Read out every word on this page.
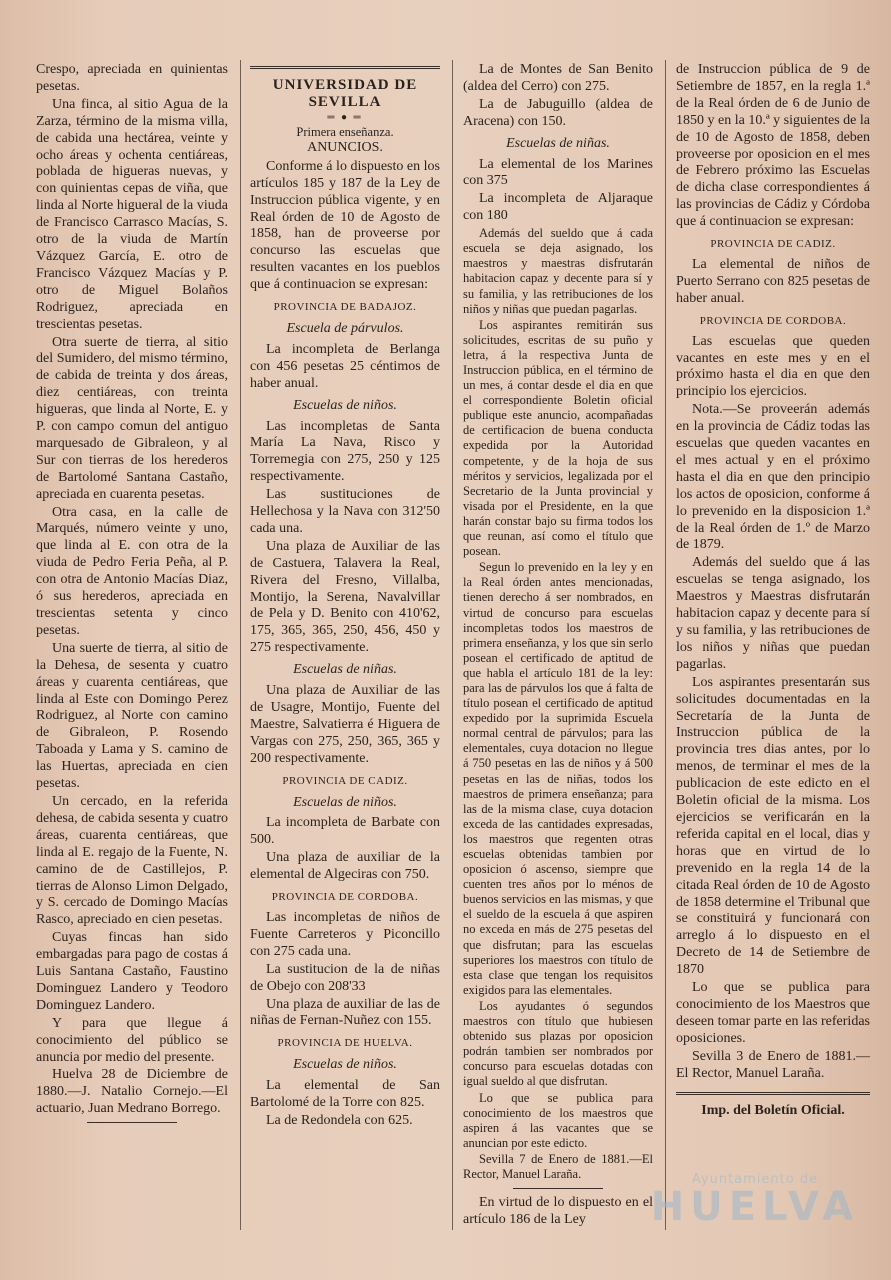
Crespo, apreciada en quinientas pesetas.

Una finca, al sitio Agua de la Zarza, término de la misma villa, de cabida una hectárea, veinte y ocho áreas y ochenta centiáreas, poblada de higueras nuevas, y con quinientas cepas de viña, que linda al Norte higueral de la viuda de Francisco Carrasco Macías, S. otro de la viuda de Martín Vázquez García, E. otro de Francisco Vázquez Macías y P. otro de Miguel Bolaños Rodriguez, apreciada en trescientas pesetas.

Otra suerte de tierra, al sitio del Sumidero, del mismo término, de cabida de treinta y dos áreas, diez centiáreas, con treinta higueras, que linda al Norte, E. y P. con campo comun del antiguo marquesado de Gibraleon, y al Sur con tierras de los herederos de Bartolomé Santana Castaño, apreciada en cuarenta pesetas.

Otra casa, en la calle de Marqués, número veinte y uno, que linda al E. con otra de la viuda de Pedro Feria Peña, al P. con otra de Antonio Macías Diaz, ó sus herederos, apreciada en trescientas setenta y cinco pesetas.

Una suerte de tierra, al sitio de la Dehesa, de sesenta y cuatro áreas y cuarenta centiáreas, que linda al Este con Domingo Perez Rodriguez, al Norte con camino de Gibraleon, P. Rosendo Taboada y Lama y S. camino de las Huertas, apreciada en cien pesetas.

Un cercado, en la referida dehesa, de cabida sesenta y cuatro áreas, cuarenta centiáreas, que linda al E. regajo de la Fuente, N. camino de de Castillejos, P. tierras de Alonso Limon Delgado, y S. cercado de Domingo Macías Rasco, apreciado en cien pesetas.

Cuyas fincas han sido embargadas para pago de costas á Luis Santana Castaño, Faustino Dominguez Landero y Teodoro Dominguez Landero.

Y para que llegue á conocimiento del público se anuncia por medio del presente.

Huelva 28 de Diciembre de 1880.—J. Natalio Cornejo.—El actuario, Juan Medrano Borrego.

UNIVERSIDAD DE SEVILLA
═ ● ═
Primera enseñanza.
ANUNCIOS.

Conforme á lo dispuesto en los artículos 185 y 187 de la Ley de Instruccion pública vigente, y en Real órden de 10 de Agosto de 1858, han de proveerse por concurso las escuelas que resulten vacantes en los pueblos que á continuacion se expresan:

PROVINCIA DE BADAJOZ.
Escuela de párvulos.

La incompleta de Berlanga con 456 pesetas 25 céntimos de haber anual.

Escuelas de niños.

Las incompletas de Santa María La Nava, Risco y Torremegia con 275, 250 y 125 respectivamente.

Las sustituciones de Hellechosa y la Nava con 312'50 cada una.

Una plaza de Auxiliar de las de Castuera, Talavera la Real, Rivera del Fresno, Villalba, Montijo, la Serena, Navalvillar de Pela y D. Benito con 410'62, 175, 365, 365, 250, 456, 450 y 275 respectivamente.

Escuelas de niñas.

Una plaza de Auxiliar de las de Usagre, Montijo, Fuente del Maestre, Salvatierra é Higuera de Vargas con 275, 250, 365, 365 y 200 respectivamente.

PROVINCIA DE CADIZ.
Escuelas de niños.

La incompleta de Barbate con 500.

Una plaza de auxiliar de la elemental de Algeciras con 750.

PROVINCIA DE CORDOBA.

Las incompletas de niños de Fuente Carreteros y Piconcillo con 275 cada una.

La sustitucion de la de niñas de Obejo con 208'33

Una plaza de auxiliar de las de niñas de Fernan-Nuñez con 155.

PROVINCIA DE HUELVA.
Escuelas de niños.

La elemental de San Bartolomé de la Torre con 825.

La de Redondela con 625.

La de Montes de San Benito (aldea del Cerro) con 275.

La de Jabuguillo (aldea de Aracena) con 150.

Escuelas de niñas.

La elemental de los Marines con 375

La incompleta de Aljaraque con 180

Además del sueldo que á cada escuela se deja asignado, los maestros y maestras disfrutarán habitacion capaz y decente para sí y su familia, y las retribuciones de los niños y niñas que puedan pagarlas.

Los aspirantes remitirán sus solicitudes, escritas de su puño y letra, á la respectiva Junta de Instruccion pública, en el término de un mes, á contar desde el dia en que el correspondiente Boletin oficial publique este anuncio, acompañadas de certificacion de buena conducta expedida por la Autoridad competente, y de la hoja de sus méritos y servicios, legalizada por el Secretario de la Junta provincial y visada por el Presidente, en la que harán constar bajo su firma todos los que reunan, así como el título que posean.

Segun lo prevenido en la ley y en la Real órden antes mencionadas, tienen derecho á ser nombrados, en virtud de concurso para escuelas incompletas todos los maestros de primera enseñanza, y los que sin serlo posean el certificado de aptitud de que habla el artículo 181 de la ley: para las de párvulos los que á falta de título posean el certificado de aptitud expedido por la suprimida Escuela normal central de párvulos; para las elementales, cuya dotacion no llegue á 750 pesetas en las de niños y á 500 pesetas en las de niñas, todos los maestros de primera enseñanza; para las de la misma clase, cuya dotacion exceda de las cantidades expresadas, los maestros que regenten otras escuelas obtenidas tambien por oposicion ó ascenso, siempre que cuenten tres años por lo ménos de buenos servicios en las mismas, y que el sueldo de la escuela á que aspiren no exceda en más de 275 pesetas del que disfrutan; para las escuelas superiores los maestros con título de esta clase que tengan los requisitos exigidos para las elementales.

Los ayudantes ó segundos maestros con título que hubiesen obtenido sus plazas por oposicion podrán tambien ser nombrados por concurso para escuelas dotadas con igual sueldo al que disfrutan.

Lo que se publica para conocimiento de los maestros que aspiren á las vacantes que se anuncian por este edicto.

Sevilla 7 de Enero de 1881.—El Rector, Manuel Laraña.

En virtud de lo dispuesto en el artículo 186 de la Ley

de Instruccion pública de 9 de Setiembre de 1857, en la regla 1.ª de la Real órden de 6 de Junio de 1850 y en la 10.ª y siguientes de la de 10 de Agosto de 1858, deben proveerse por oposicion en el mes de Febrero próximo las Escuelas de dicha clase correspondientes á las provincias de Cádiz y Córdoba que á continuacion se expresan:

PROVINCIA DE CADIZ.

La elemental de niños de Puerto Serrano con 825 pesetas de haber anual.

PROVINCIA DE CORDOBA.

Las escuelas que queden vacantes en este mes y en el próximo hasta el dia en que den principio los ejercicios.

Nota.—Se proveerán además en la provincia de Cádiz todas las escuelas que queden vacantes en el mes actual y en el próximo hasta el dia en que den principio los actos de oposicion, conforme á lo prevenido en la disposicion 1.ª de la Real órden de 1.º de Marzo de 1879.

Además del sueldo que á las escuelas se tenga asignado, los Maestros y Maestras disfrutarán habitacion capaz y decente para sí y su familia, y las retribuciones de los niños y niñas que puedan pagarlas.

Los aspirantes presentarán sus solicitudes documentadas en la Secretaría de la Junta de Instruccion pública de la provincia tres dias antes, por lo menos, de terminar el mes de la publicacion de este edicto en el Boletin oficial de la misma. Los ejercicios se verificarán en la referida capital en el local, dias y horas que en virtud de lo prevenido en la regla 14 de la citada Real órden de 10 de Agosto de 1858 determine el Tribunal que se constituirá y funcionará con arreglo á lo dispuesto en el Decreto de 14 de Setiembre de 1870

Lo que se publica para conocimiento de los Maestros que deseen tomar parte en las referidas oposiciones.

Sevilla 3 de Enero de 1881.—El Rector, Manuel Laraña.

Imp. del Boletín Oficial.
Ayuntamiento de
HUELVA
